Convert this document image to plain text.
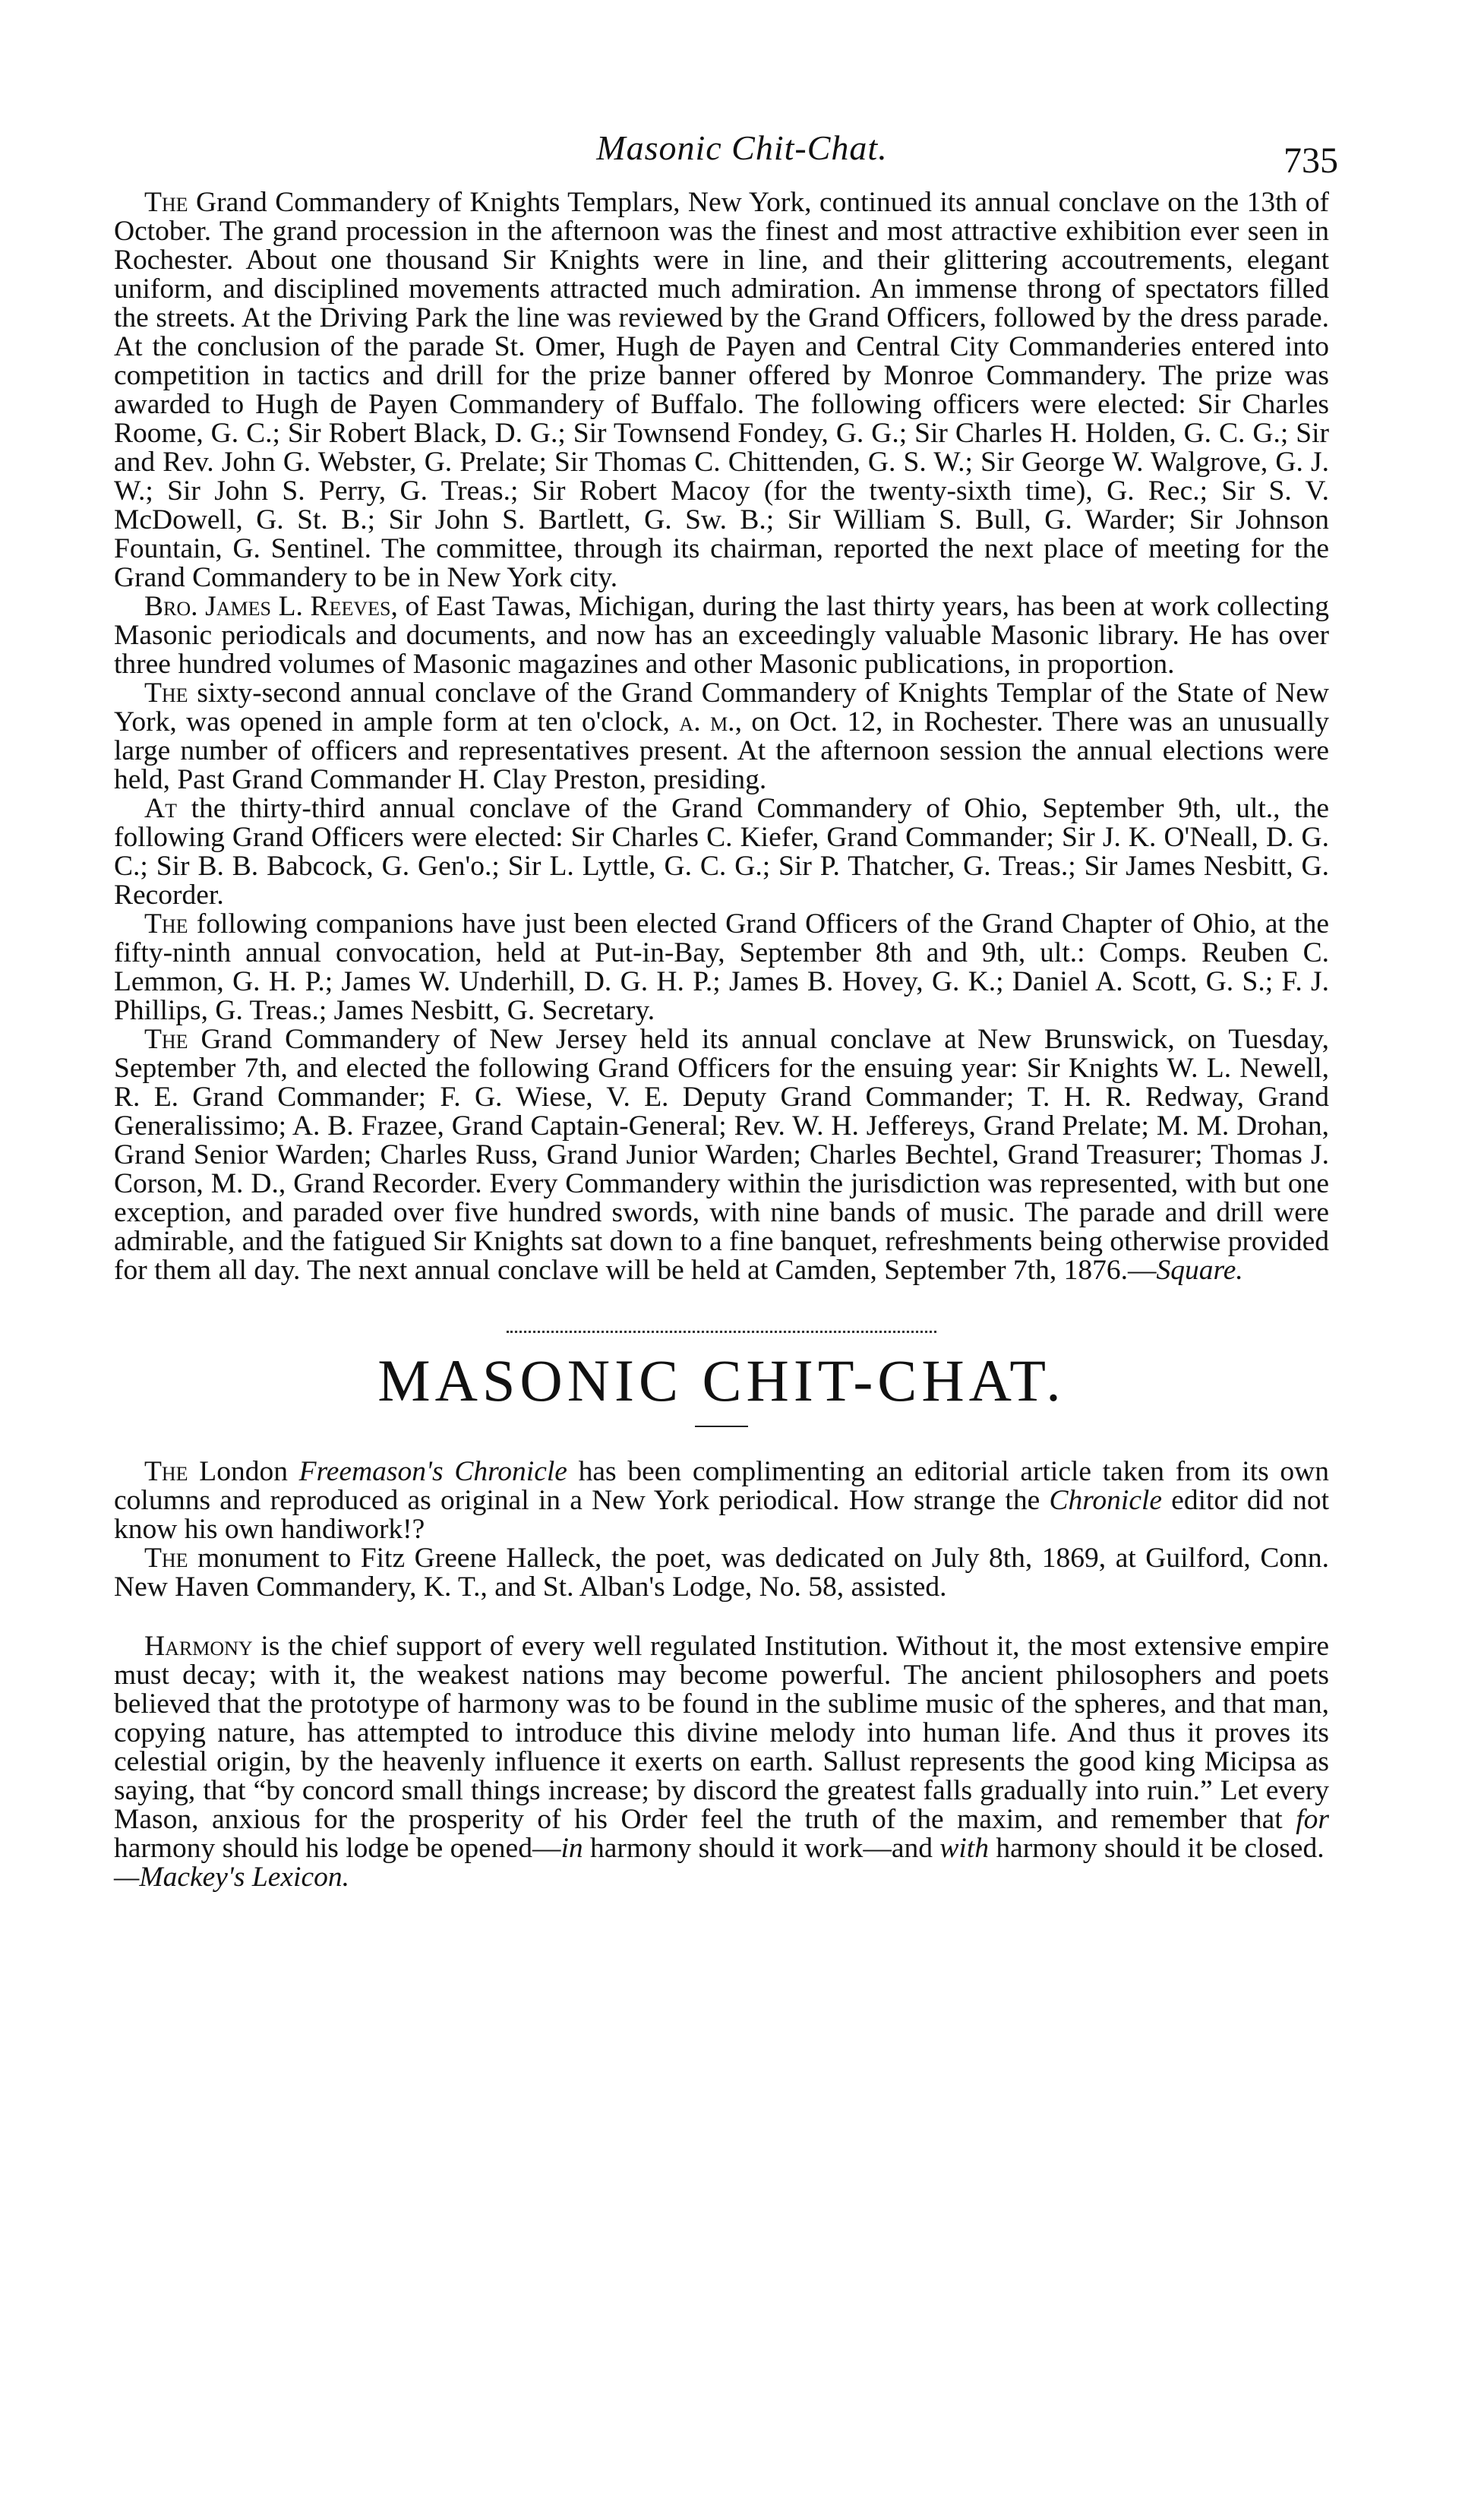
Masonic Chit-Chat.	735

The Grand Commandery of Knights Templars, New York, continued its annual conclave on the 13th of October. The grand procession in the afternoon was the finest and most attractive exhibition ever seen in Rochester. About one thousand Sir Knights were in line, and their glittering accoutrements, elegant uniform, and disciplined movements attracted much admiration. An immense throng of spectators filled the streets. At the Driving Park the line was reviewed by the Grand Officers, followed by the dress parade. At the conclusion of the parade St. Omer, Hugh de Payen and Central City Commanderies entered into competition in tactics and drill for the prize banner offered by Monroe Commandery. The prize was awarded to Hugh de Payen Commandery of Buffalo. The following officers were elected: Sir Charles Roome, G. C.; Sir Robert Black, D. G.; Sir Townsend Fondey, G. G.; Sir Charles H. Holden, G. C. G.; Sir and Rev. John G. Webster, G. Prelate; Sir Thomas C. Chittenden, G. S. W.; Sir George W. Walgrove, G. J. W.; Sir John S. Perry, G. Treas.; Sir Robert Macoy (for the twenty-sixth time), G. Rec.; Sir S. V. McDowell, G. St. B.; Sir John S. Bartlett, G. Sw. B.; Sir William S. Bull, G. Warder; Sir Johnson Fountain, G. Sentinel. The committee, through its chairman, reported the next place of meeting for the Grand Commandery to be in New York city.

Bro. James L. Reeves, of East Tawas, Michigan, during the last thirty years, has been at work collecting Masonic periodicals and documents, and now has an exceedingly valuable Masonic library. He has over three hundred volumes of Masonic magazines and other Masonic publications, in proportion.

The sixty-second annual conclave of the Grand Commandery of Knights Templar of the State of New York, was opened in ample form at ten o'clock, a. m., on Oct. 12, in Rochester. There was an unusually large number of officers and representatives present. At the afternoon session the annual elections were held, Past Grand Commander H. Clay Preston, presiding.

At the thirty-third annual conclave of the Grand Commandery of Ohio, September 9th, ult., the following Grand Officers were elected: Sir Charles C. Kiefer, Grand Commander; Sir J. K. O'Neall, D. G. C.; Sir B. B. Babcock, G. Gen'o.; Sir L. Lyttle, G. C. G.; Sir P. Thatcher, G. Treas.; Sir James Nesbitt, G. Recorder.

The following companions have just been elected Grand Officers of the Grand Chapter of Ohio, at the fifty-ninth annual convocation, held at Put-in-Bay, September 8th and 9th, ult.: Comps. Reuben C. Lemmon, G. H. P.; James W. Underhill, D. G. H. P.; James B. Hovey, G. K.; Daniel A. Scott, G. S.; F. J. Phillips, G. Treas.; James Nesbitt, G. Secretary.

The Grand Commandery of New Jersey held its annual conclave at New Brunswick, on Tuesday, September 7th, and elected the following Grand Officers for the ensuing year: Sir Knights W. L. Newell, R. E. Grand Commander; F. G. Wiese, V. E. Deputy Grand Commander; T. H. R. Redway, Grand Generalissimo; A. B. Frazee, Grand Captain-General; Rev. W. H. Jeffereys, Grand Prelate; M. M. Drohan, Grand Senior Warden; Charles Russ, Grand Junior Warden; Charles Bechtel, Grand Treasurer; Thomas J. Corson, M. D., Grand Recorder. Every Commandery within the jurisdiction was represented, with but one exception, and paraded over five hundred swords, with nine bands of music. The parade and drill were admirable, and the fatigued Sir Knights sat down to a fine banquet, refreshments being otherwise provided for them all day. The next annual conclave will be held at Camden, September 7th, 1876.—Square.

MASONIC CHIT-CHAT.

The London Freemason's Chronicle has been complimenting an editorial article taken from its own columns and reproduced as original in a New York periodical. How strange the Chronicle editor did not know his own handiwork!?

The monument to Fitz Greene Halleck, the poet, was dedicated on July 8th, 1869, at Guilford, Conn. New Haven Commandery, K. T., and St. Alban's Lodge, No. 58, assisted.

Harmony is the chief support of every well regulated Institution. Without it, the most extensive empire must decay; with it, the weakest nations may become powerful. The ancient philosophers and poets believed that the prototype of harmony was to be found in the sublime music of the spheres, and that man, copying nature, has attempted to introduce this divine melody into human life. And thus it proves its celestial origin, by the heavenly influence it exerts on earth. Sallust represents the good king Micipsa as saying, that “by concord small things increase; by discord the greatest falls gradually into ruin.” Let every Mason, anxious for the prosperity of his Order feel the truth of the maxim, and remember that for harmony should his lodge be opened—in harmony should it work—and with harmony should it be closed.
—Mackey's Lexicon.
